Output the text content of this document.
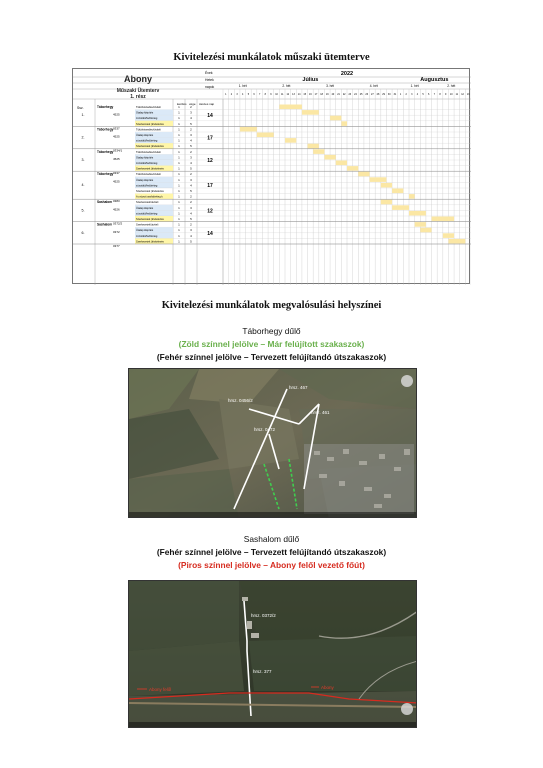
Kivitelezési munkálatok műszaki ütemterve
Abony
Műszaki Ütemterv
1. rész
Évek
Hetek
napok
Ssz.
kezdés vége összes nap
2022
Július	Augusztus
1. hét	2. hét	3. hét	4. hét	1. hét	2. hét
1 2 3 4 5 6 7 8 9 10 11 12 13 14 15 16 17 18 19 20 21 22 23 24 25 26 27 28 29 30 31 1 2 3 4 5 6 7 8 9 10 11 12 13
Táborhegy
4525
0337
Tükörkiszedés/útviteli	1	2
Útalap kiépítés	1	3
zúzottkő/fedőréteg	1	4
Szerkezetek (kivitelezés	1	5
1.	14
Táborhegy
4525
0334/1
Tükörkiszedés/útviteli	1	2
Útalap kiépítés	1	3
zúzottkő/fedőréteg	1	4
Szerkezetek (kivitelezés	1	5
2.	17
Táborhegy
4525
0337
Tükörkiszedés/útviteli	1	2
Útalap kiépítés	1	3
zúzottkő/fedőréteg	1	4
Szerkezetek (kivitelezés	1	5
3.	12
Táborhegy
4525
0383
Tükörkiszedés/útviteli	1	2
Útalap kiépítés	1	3
zúzottkő/fedőréteg	1	4
Szerkezetek (kivitelezés	1	5
A zzúzott aszfaltréteg k	1	2
4.	17
Sashalom
4526
0372/2
Szerkezetek/útviteli	1	2
Útalap kiépítés	1	3
zúzottkő/fedőréteg	1	4
Szerkezetek (kivitelezés	1	5
5.	12
Sashalom
0372
0377
Szerkezetek/útviteli	1	2
Útalap kiépítés	1	3
zúzottkő/fedőréteg	1	4
Szerkezetek (kivitelezés	1	5
6.	14
Kivitelezési munkálatok megvalósulási helyszínei
Táborhegy dűlő
(Zöld színnel jelölve – Már felújított szakaszok)
(Fehér színnel jelölve – Tervezett felújítandó útszakaszok)
hrsz. 0456/2
hrsz. 467
hrsz. 461
hrsz. 0472
Sashalom dűlő
(Fehér színnel jelölve – Tervezett felújítandó útszakaszok)
(Piros színnel jelölve – Abony felől vezető főút)
hrsz. 0372/2
hrsz. 377
Abony felől	Abony
